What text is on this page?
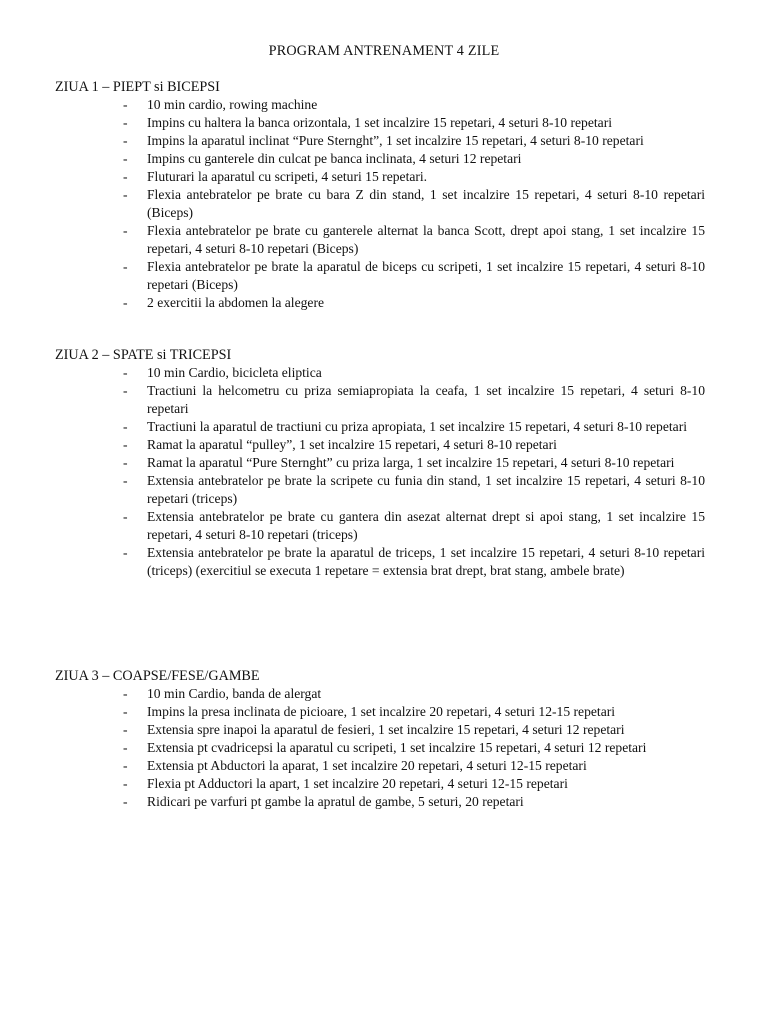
PROGRAM ANTRENAMENT 4 ZILE
ZIUA 1 – PIEPT si BICEPSI
- 10 min cardio, rowing machine
- Impins cu haltera la banca orizontala, 1 set incalzire 15 repetari, 4 seturi 8-10 repetari
- Impins la aparatul inclinat “Pure Sternght”, 1 set incalzire 15 repetari, 4 seturi 8-10 repetari
- Impins cu ganterele din culcat pe banca inclinata, 4 seturi 12 repetari
- Fluturari la aparatul cu scripeti, 4 seturi 15 repetari.
- Flexia antebratelor pe brate cu bara Z din stand, 1 set incalzire 15 repetari, 4 seturi 8-10 repetari (Biceps)
- Flexia antebratelor pe brate cu ganterele alternat la banca Scott, drept apoi stang, 1 set incalzire 15 repetari, 4 seturi 8-10 repetari (Biceps)
- Flexia antebratelor pe brate la aparatul de biceps cu scripeti, 1 set incalzire 15 repetari, 4 seturi 8-10 repetari (Biceps)
- 2 exercitii la abdomen la alegere
ZIUA 2 – SPATE si TRICEPSI
- 10 min Cardio, bicicleta eliptica
- Tractiuni la helcometru cu priza semiapropiata la ceafa, 1 set incalzire 15 repetari, 4 seturi 8-10 repetari
- Tractiuni la aparatul de tractiuni cu priza apropiata, 1 set incalzire 15 repetari, 4 seturi 8-10 repetari
- Ramat la aparatul “pulley”, 1 set incalzire 15 repetari, 4 seturi 8-10 repetari
- Ramat la aparatul “Pure Sternght” cu priza larga, 1 set incalzire 15 repetari, 4 seturi 8-10 repetari
- Extensia antebratelor pe brate la scripete cu funia din stand, 1 set incalzire 15 repetari, 4 seturi 8-10 repetari (triceps)
- Extensia antebratelor pe brate cu gantera din asezat alternat drept si apoi stang, 1 set incalzire 15 repetari, 4 seturi 8-10 repetari (triceps)
- Extensia antebratelor pe brate la aparatul de triceps, 1 set incalzire 15 repetari, 4 seturi 8-10 repetari (triceps) (exercitiul se executa 1 repetare = extensia brat drept, brat stang, ambele brate)
ZIUA 3 – COAPSE/FESE/GAMBE
- 10 min Cardio, banda de alergat
- Impins la presa inclinata de picioare, 1 set incalzire 20 repetari, 4 seturi 12-15 repetari
- Extensia spre inapoi la aparatul de fesieri, 1 set incalzire 15 repetari, 4 seturi 12 repetari
- Extensia pt cvadricepsi la aparatul cu scripeti, 1 set incalzire 15 repetari, 4 seturi 12 repetari
- Extensia pt Abductori la aparat, 1 set incalzire 20 repetari, 4 seturi 12-15 repetari
- Flexia pt Adductori la apart, 1 set incalzire 20 repetari, 4 seturi 12-15 repetari
- Ridicari pe varfuri pt gambe la apratul de gambe, 5 seturi, 20 repetari
